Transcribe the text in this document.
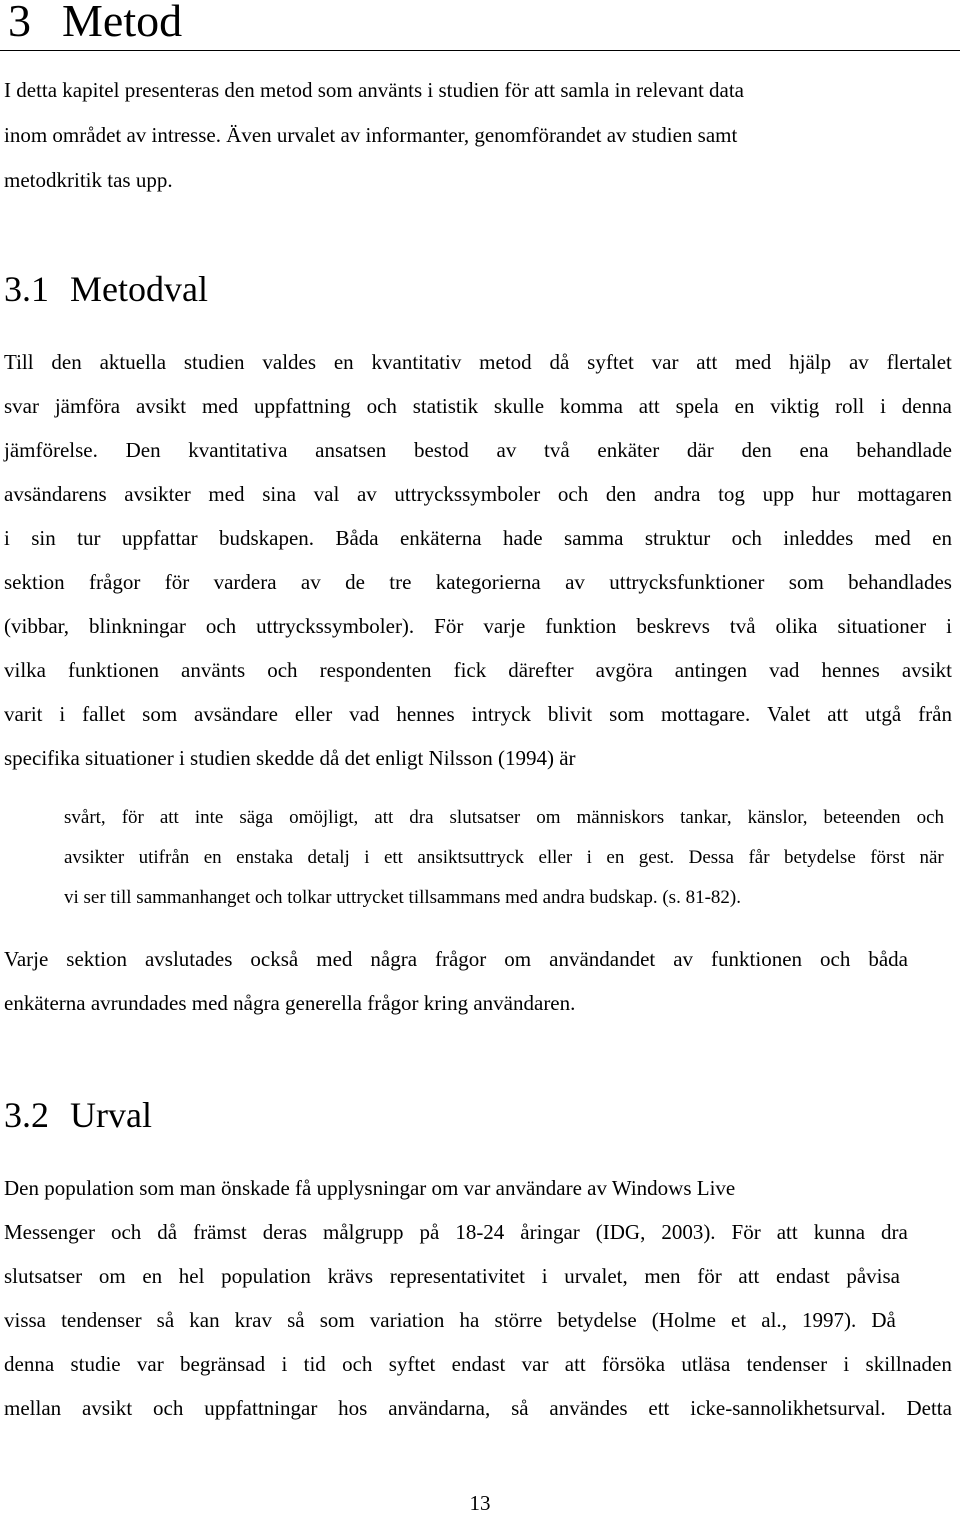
3 Metod
I detta kapitel presenteras den metod som använts i studien för att samla in relevant data
inom området av intresse. Även urvalet av informanter, genomförandet av studien samt
metodkritik tas upp.
3.1 Metodval
Till den aktuella studien valdes en kvantitativ metod då syftet var att med hjälp av flertalet
svar jämföra avsikt med uppfattning och statistik skulle komma att spela en viktig roll i denna
jämförelse. Den kvantitativa ansatsen bestod av två enkäter där den ena behandlade
avsändarens avsikter med sina val av uttryckssymboler och den andra tog upp hur mottagaren
i sin tur uppfattar budskapen. Båda enkäterna hade samma struktur och inleddes med en
sektion frågor för vardera av de tre kategorierna av uttrycksfunktioner som behandlades
(vibbar, blinkningar och uttryckssymboler). För varje funktion beskrevs två olika situationer i
vilka funktionen använts och respondenten fick därefter avgöra antingen vad hennes avsikt
varit i fallet som avsändare eller vad hennes intryck blivit som mottagare. Valet att utgå från
specifika situationer i studien skedde då det enligt Nilsson (1994) är
svårt, för att inte säga omöjligt, att dra slutsatser om människors tankar, känslor, beteenden och
avsikter utifrån en enstaka detalj i ett ansiktsuttryck eller i en gest. Dessa får betydelse först när
vi ser till sammanhanget och tolkar uttrycket tillsammans med andra budskap. (s. 81-82).
Varje sektion avslutades också med några frågor om användandet av funktionen och båda
enkäterna avrundades med några generella frågor kring användaren.
3.2 Urval
Den population som man önskade få upplysningar om var användare av Windows Live
Messenger och då främst deras målgrupp på 18-24 åringar (IDG, 2003). För att kunna dra
slutsatser om en hel population krävs representativitet i urvalet, men för att endast påvisa
vissa tendenser så kan krav så som variation ha större betydelse (Holme et al., 1997). Då
denna studie var begränsad i tid och syftet endast var att försöka utläsa tendenser i skillnaden
mellan avsikt och uppfattningar hos användarna, så användes ett icke-sannolikhetsurval. Detta
13
